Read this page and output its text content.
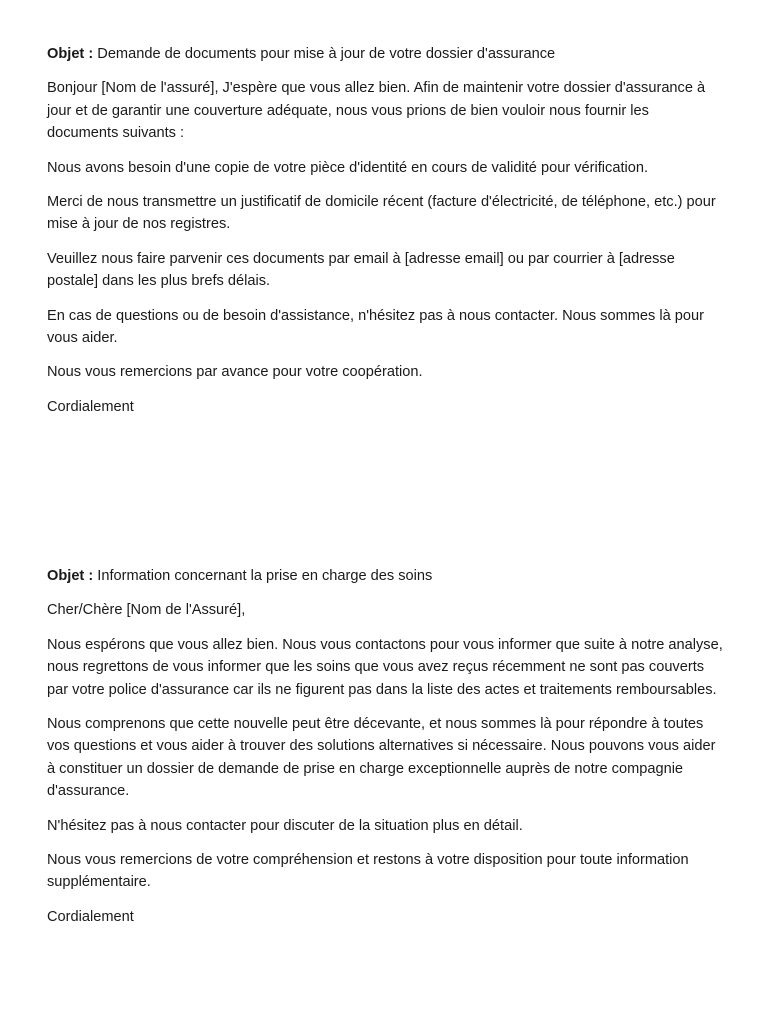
Objet : Demande de documents pour mise à jour de votre dossier d'assurance

Bonjour [Nom de l'assuré], J'espère que vous allez bien. Afin de maintenir votre dossier d'assurance à jour et de garantir une couverture adéquate, nous vous prions de bien vouloir nous fournir les documents suivants :

Nous avons besoin d'une copie de votre pièce d'identité en cours de validité pour vérification.

Merci de nous transmettre un justificatif de domicile récent (facture d'électricité, de téléphone, etc.) pour mise à jour de nos registres.

Veuillez nous faire parvenir ces documents par email à [adresse email] ou par courrier à [adresse postale] dans les plus brefs délais.

En cas de questions ou de besoin d'assistance, n'hésitez pas à nous contacter. Nous sommes là pour vous aider.

Nous vous remercions par avance pour votre coopération.

Cordialement

Objet : Information concernant la prise en charge des soins

Cher/Chère [Nom de l'Assuré],

Nous espérons que vous allez bien. Nous vous contactons pour vous informer que suite à notre analyse, nous regrettons de vous informer que les soins que vous avez reçus récemment ne sont pas couverts par votre police d'assurance car ils ne figurent pas dans la liste des actes et traitements remboursables.

Nous comprenons que cette nouvelle peut être décevante, et nous sommes là pour répondre à toutes vos questions et vous aider à trouver des solutions alternatives si nécessaire. Nous pouvons vous aider à constituer un dossier de demande de prise en charge exceptionnelle auprès de notre compagnie d'assurance.

N'hésitez pas à nous contacter pour discuter de la situation plus en détail.

Nous vous remercions de votre compréhension et restons à votre disposition pour toute information supplémentaire.

Cordialement
